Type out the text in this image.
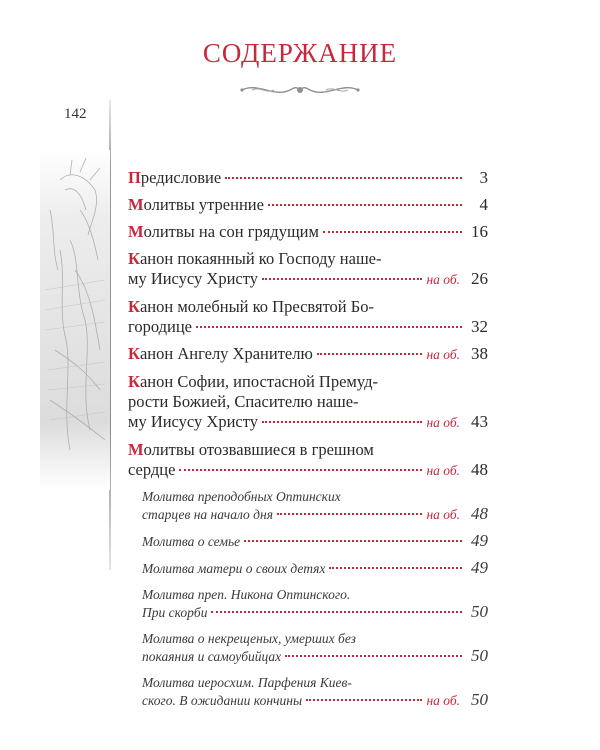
СОДЕРЖАНИЕ
142
Предисловие	3
Молитвы утренние	4
Молитвы на сон грядущим	16
Канон покаянный ко Господу наше-
му Иисусу Христу	на об. 26
Канон молебный ко Пресвятой Бо-
городице	32
Канон Ангелу Хранителю	на об. 38
Канон Софии, ипостасной Премуд-
рости Божией, Спасителю наше-
му Иисусу Христу	на об. 43
Молитвы отозвавшиеся в грешном
сердце	на об. 48
Молитва преподобных Оптинских
старцев на начало дня	на об. 48
Молитва о семье	49
Молитва матери о своих детях	49
Молитва преп. Никона Оптинского.
При скорби	50
Молитва о некрещеных, умерших без
покаяния и самоубийцах	50
Молитва иеросхим. Парфения Киев-
ского. В ожидании кончины	на об. 50
